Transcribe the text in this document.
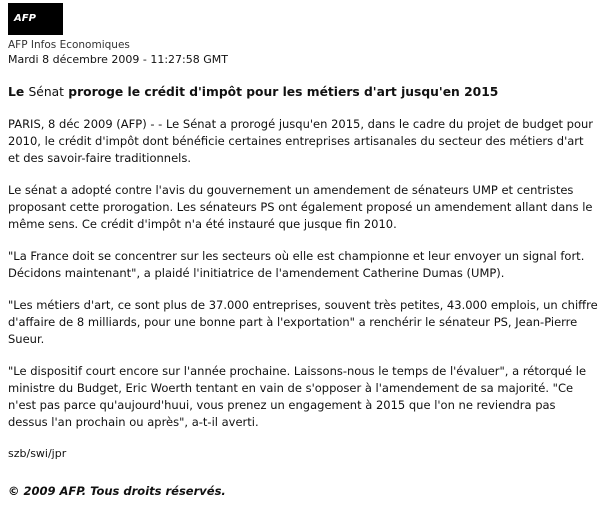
AFP
AFP Infos Economiques
Mardi 8 décembre 2009 - 11:27:58 GMT
Le Sénat proroge le crédit d'impôt pour les métiers d'art jusqu'en 2015

PARIS, 8 déc 2009 (AFP) - - Le Sénat a prorogé jusqu'en 2015, dans le cadre du projet de budget pour 2010, le crédit d'impôt dont bénéficie certaines entreprises artisanales du secteur des métiers d'art et des savoir-faire traditionnels.

Le sénat a adopté contre l'avis du gouvernement un amendement de sénateurs UMP et centristes proposant cette prorogation. Les sénateurs PS ont également proposé un amendement allant dans le même sens. Ce crédit d'impôt n'a été instauré que jusque fin 2010.

"La France doit se concentrer sur les secteurs où elle est championne et leur envoyer un signal fort. Décidons maintenant", a plaidé l'initiatrice de l'amendement Catherine Dumas (UMP).

"Les métiers d'art, ce sont plus de 37.000 entreprises, souvent très petites, 43.000 emplois, un chiffre d'affaire de 8 milliards, pour une bonne part à l'exportation" a renchérir le sénateur PS, Jean-Pierre Sueur.

"Le dispositif court encore sur l'année prochaine. Laissons-nous le temps de l'évaluer", a rétorqué le ministre du Budget, Eric Woerth tentant en vain de s'opposer à l'amendement de sa majorité. "Ce n'est pas parce qu'aujourd'huui, vous prenez un engagement à 2015 que l'on ne reviendra pas dessus l'an prochain ou après", a-t-il averti.

szb/swi/jpr
© 2009 AFP. Tous droits réservés.
